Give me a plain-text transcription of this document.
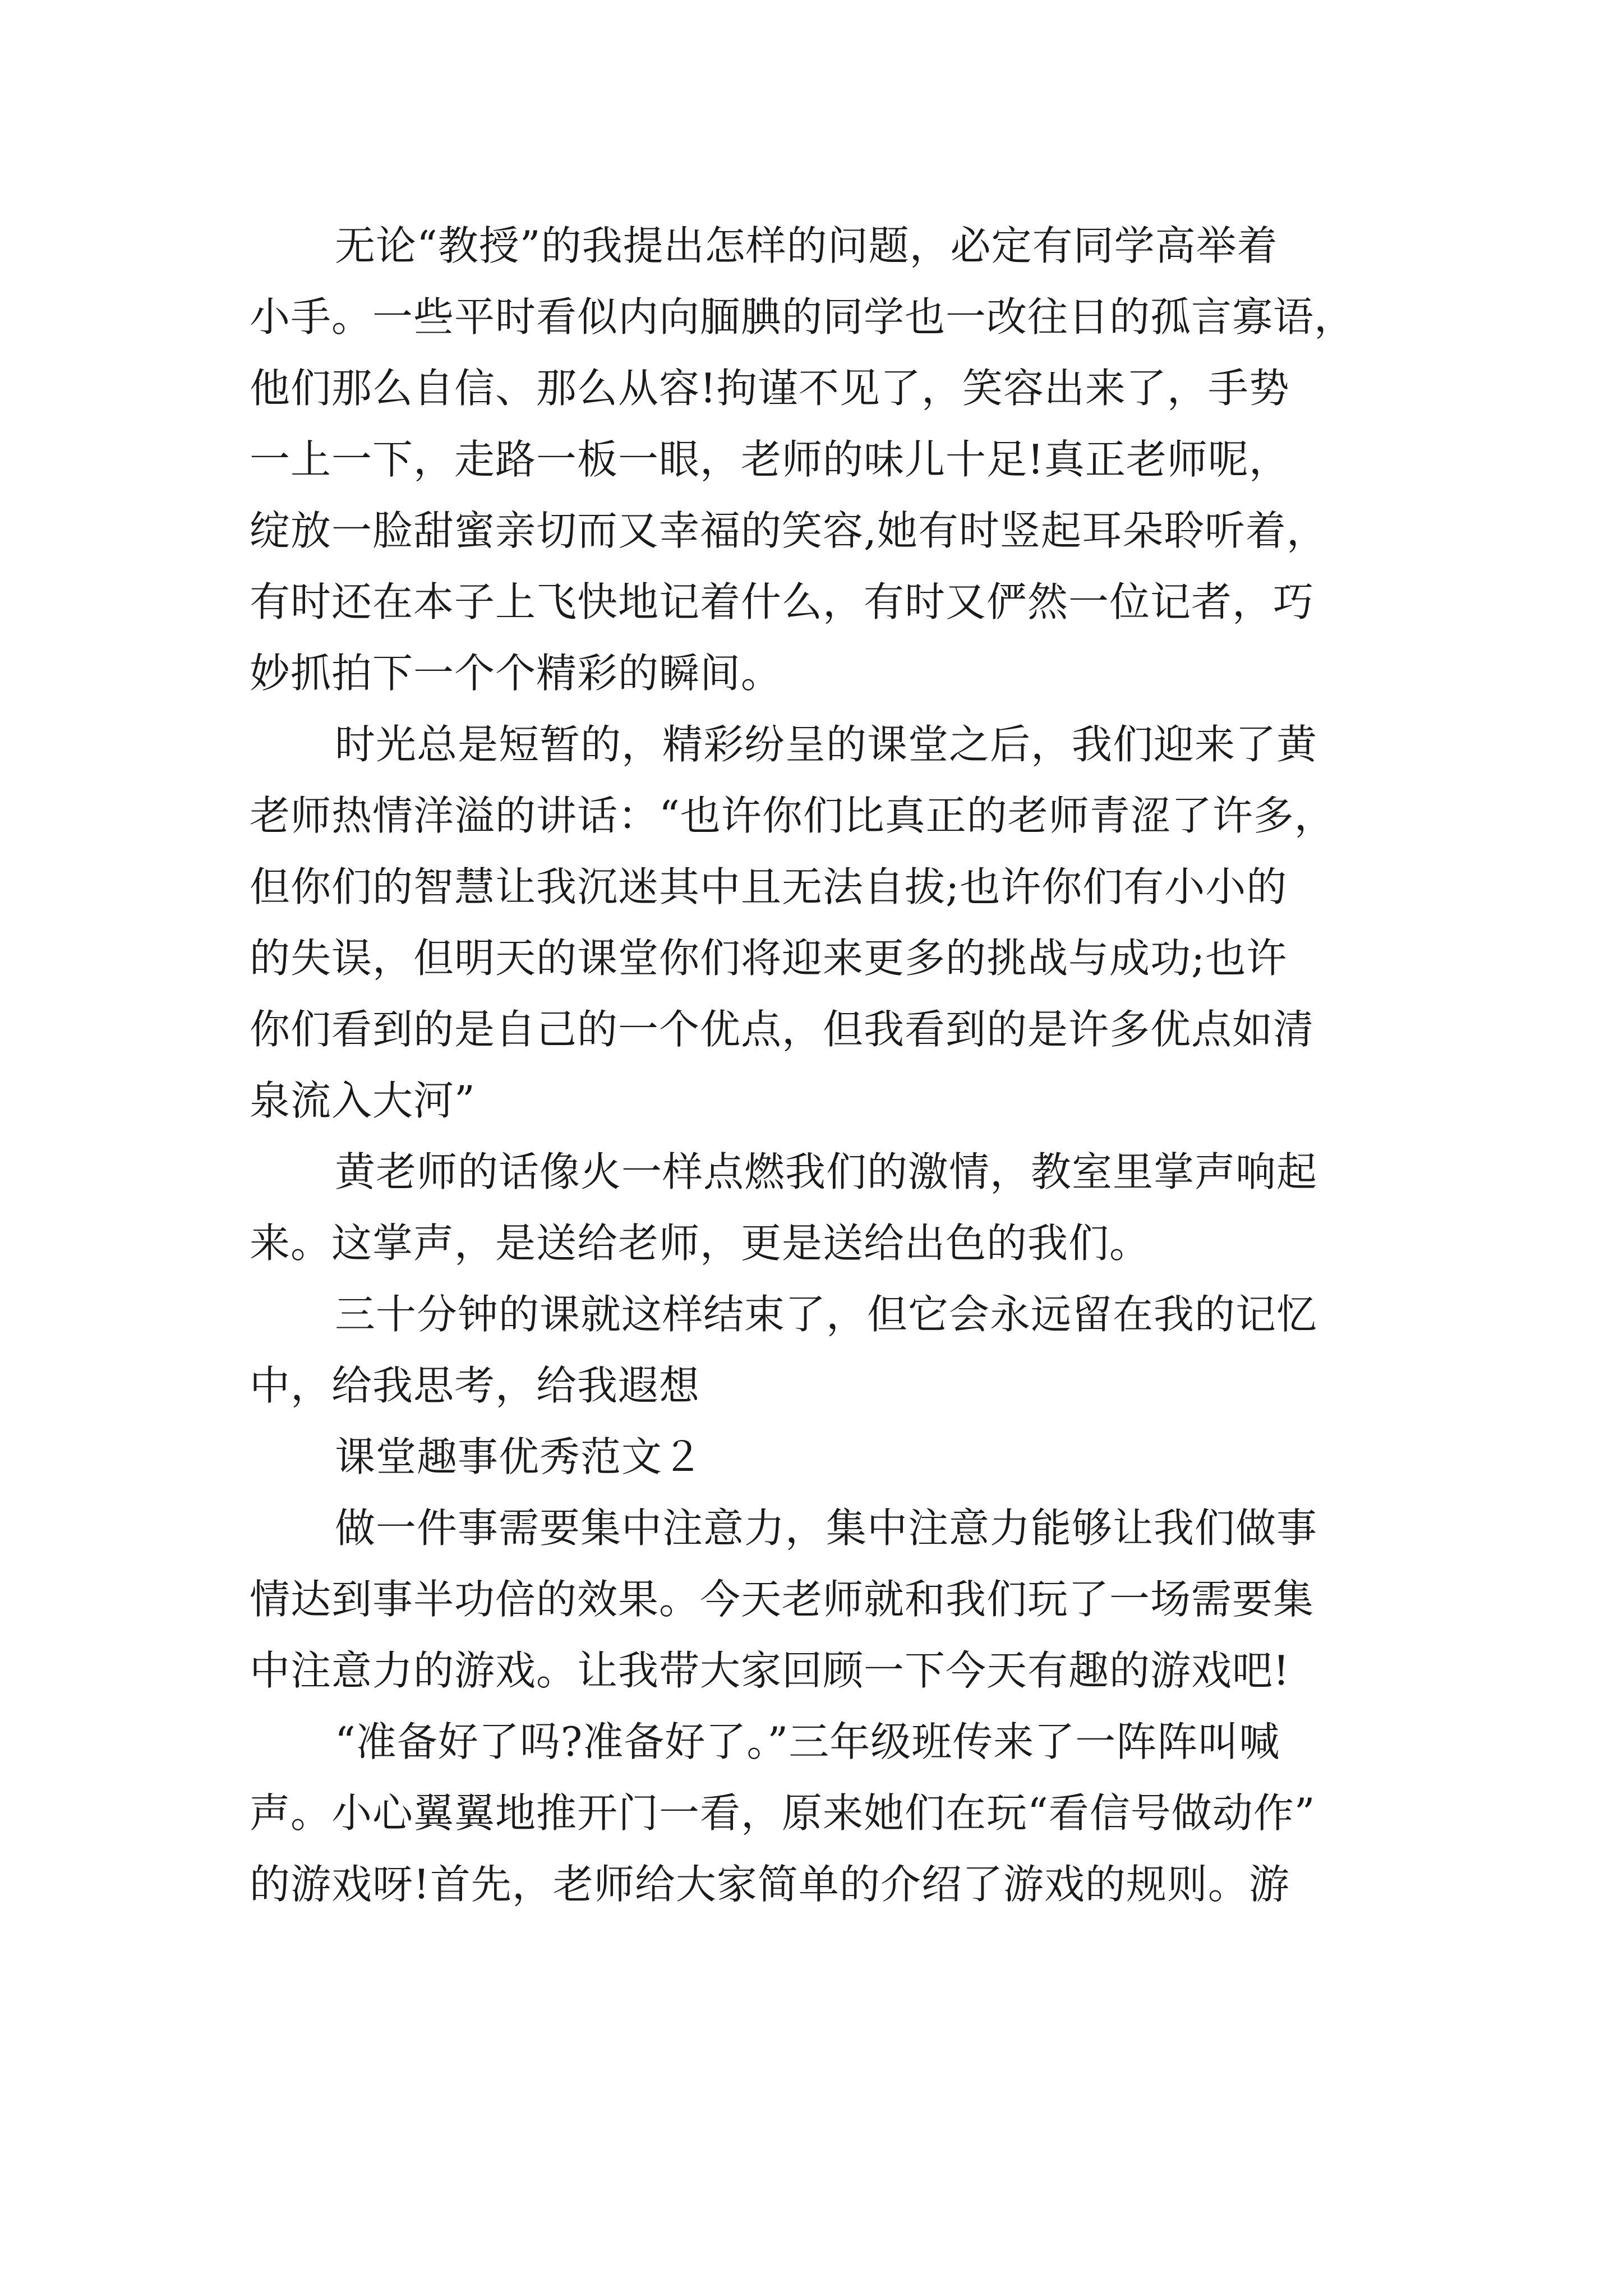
无论“教授”的我提出怎样的问题，必定有同学高举着
小手。一些平时看似内向腼腆的同学也一改往日的孤言寡语，
他们那么自信、那么从容!拘谨不见了，笑容出来了，手势
一上一下，走路一板一眼，老师的味儿十足!真正老师呢，
绽放一脸甜蜜亲切而又幸福的笑容,她有时竖起耳朵聆听着，
有时还在本子上飞快地记着什么，有时又俨然一位记者，巧
妙抓拍下一个个精彩的瞬间。
时光总是短暂的，精彩纷呈的课堂之后，我们迎来了黄
老师热情洋溢的讲话：“也许你们比真正的老师青涩了许多，
但你们的智慧让我沉迷其中且无法自拔;也许你们有小小的
的失误，但明天的课堂你们将迎来更多的挑战与成功;也许
你们看到的是自己的一个优点，但我看到的是许多优点如清
泉流入大河”
黄老师的话像火一样点燃我们的激情，教室里掌声响起
来。这掌声，是送给老师，更是送给出色的我们。
三十分钟的课就这样结束了，但它会永远留在我的记忆
中，给我思考，给我遐想
课堂趣事优秀范文２
做一件事需要集中注意力，集中注意力能够让我们做事
情达到事半功倍的效果。今天老师就和我们玩了一场需要集
中注意力的游戏。让我带大家回顾一下今天有趣的游戏吧!
“准备好了吗?准备好了。”三年级班传来了一阵阵叫喊
声。小心翼翼地推开门一看，原来她们在玩“看信号做动作”
的游戏呀!首先，老师给大家简单的介绍了游戏的规则。游
